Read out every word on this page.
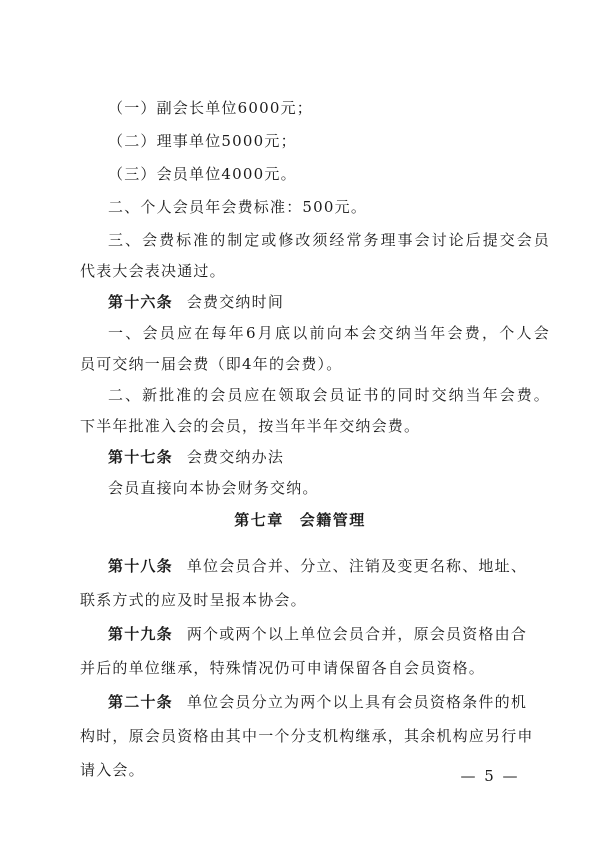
（一）副会长单位6000元；
（二）理事单位5000元；
（三）会员单位4000元。
二、个人会员年会费标准：500元。
三、会费标准的制定或修改须经常务理事会讨论后提交会员
代表大会表决通过。
第十六条 会费交纳时间
一、会员应在每年6月底以前向本会交纳当年会费，个人会
员可交纳一届会费（即4年的会费）。
二、新批准的会员应在领取会员证书的同时交纳当年会费。
下半年批准入会的会员，按当年半年交纳会费。
第十七条 会费交纳办法
第七章 会籍管理
第十八条 单位会员合并、分立、注销及变更名称、地址、
联系方式的应及时呈报本协会。
第十九条 两个或两个以上单位会员合并，原会员资格由合
并后的单位继承，特殊情况仍可申请保留各自会员资格。
第二十条 单位会员分立为两个以上具有会员资格条件的机
构时，原会员资格由其中一个分支机构继承，其余机构应另行申
请入会。	— 5 —
会员直接向本协会财务交纳。
